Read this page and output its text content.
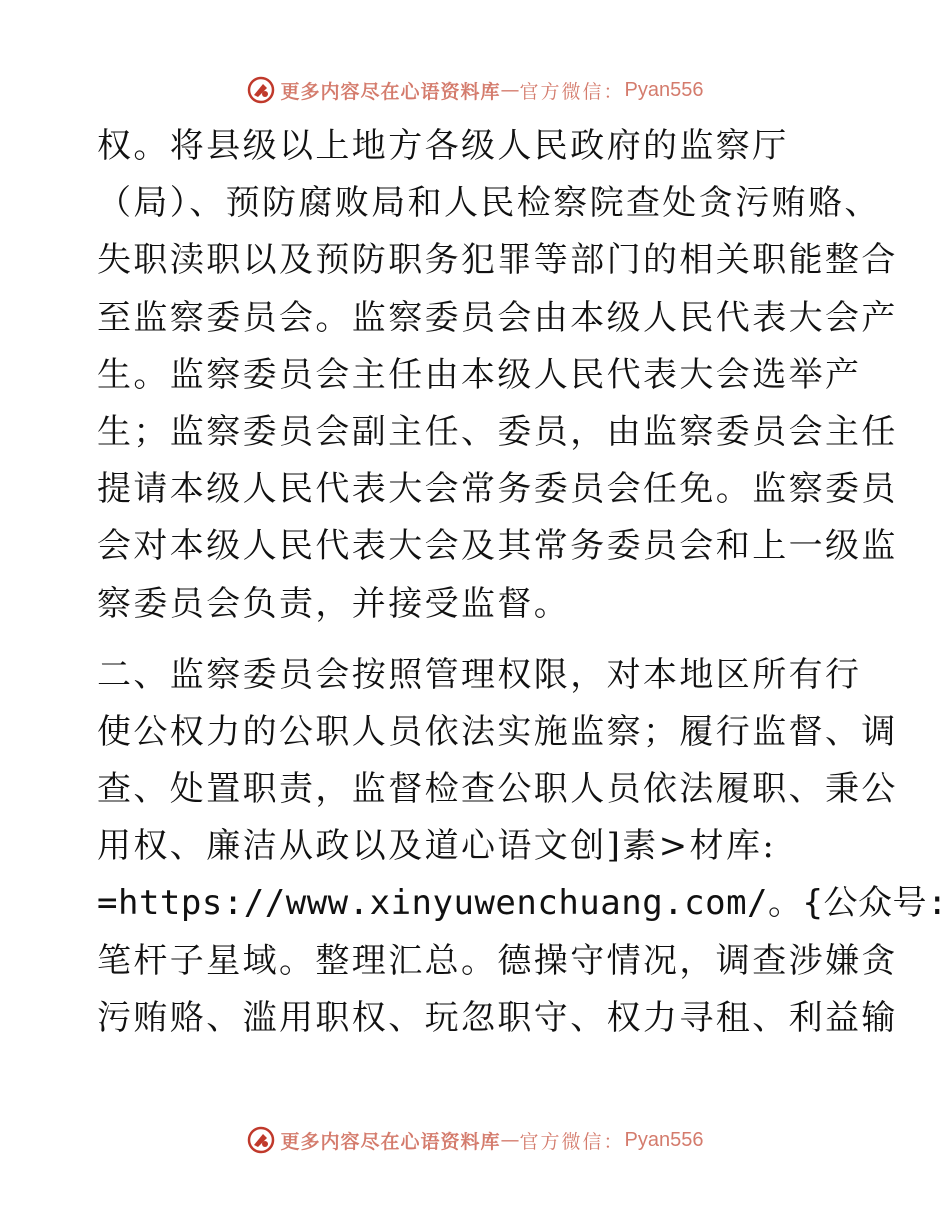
更多内容尽在心语资料库 — 官方微信： Pyan556
权。将县级以上地方各级人民政府的监察厅
（局）、预防腐败局和人民检察院查处贪污贿赂、
失职渎职以及预防职务犯罪等部门的相关职能整合
至监察委员会。监察委员会由本级人民代表大会产
生。监察委员会主任由本级人民代表大会选举产
生；监察委员会副主任、委员，由监察委员会主任
提请本级人民代表大会常务委员会任免。监察委员
会对本级人民代表大会及其常务委员会和上一级监
察委员会负责，并接受监督。
二、监察委员会按照管理权限，对本地区所有行
使公权力的公职人员依法实施监察；履行监督、调
查、处置职责，监督检查公职人员依法履职、秉公
用权、廉洁从政以及道心语文创]素>材库:
=https://www.xinyuwenchuang.com/。{公众号:
笔杆子星域。整理汇总。德操守情况，调查涉嫌贪
污贿赂、滥用职权、玩忽职守、权力寻租、利益输
更多内容尽在心语资料库 — 官方微信： Pyan556
